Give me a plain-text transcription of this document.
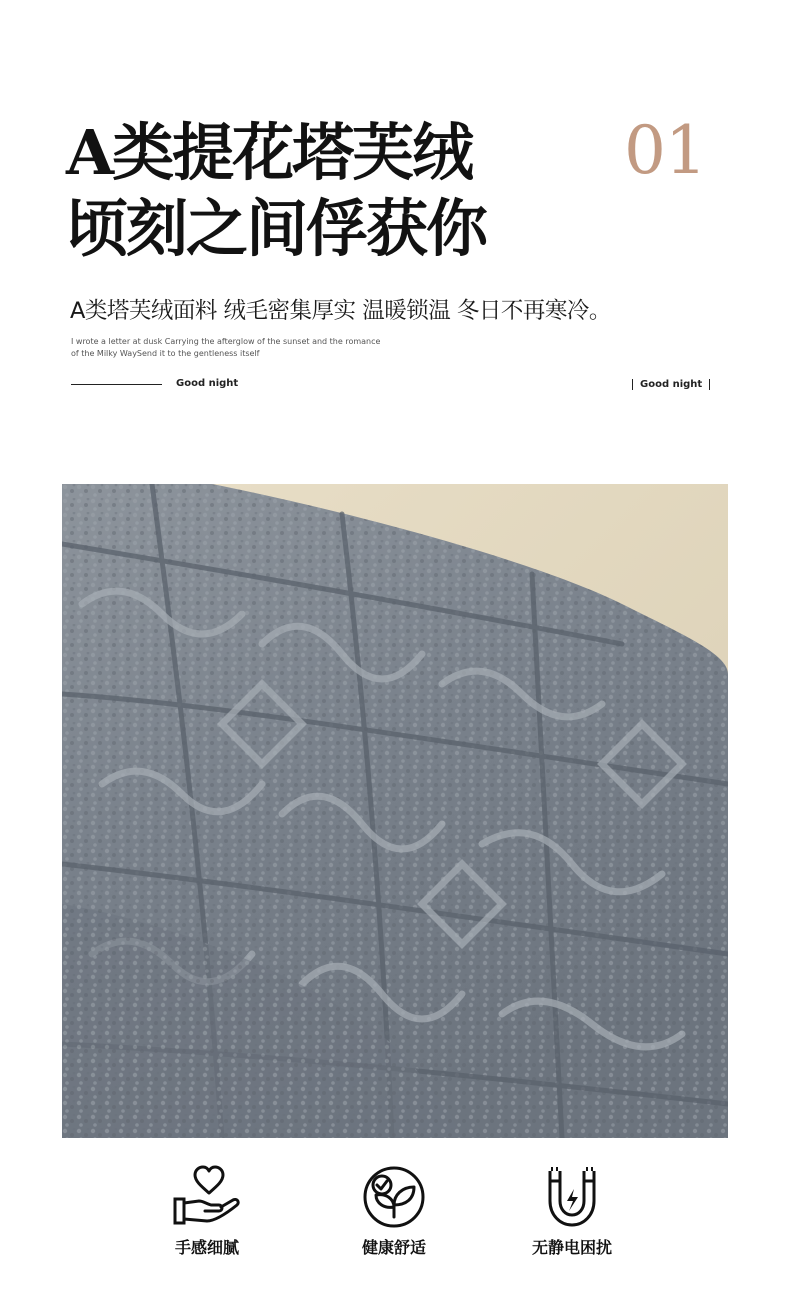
A类提花塔芙绒
顷刻之间俘获你
01
A类塔芙绒面料 绒毛密集厚实 温暖锁温 冬日不再寒冷。
I wrote a letter at dusk Carrying the afterglow of the sunset and the romance
of the Milky WaySend it to the gentleness itself
Good night	Good night
手感细腻	健康舒适	无静电困扰
